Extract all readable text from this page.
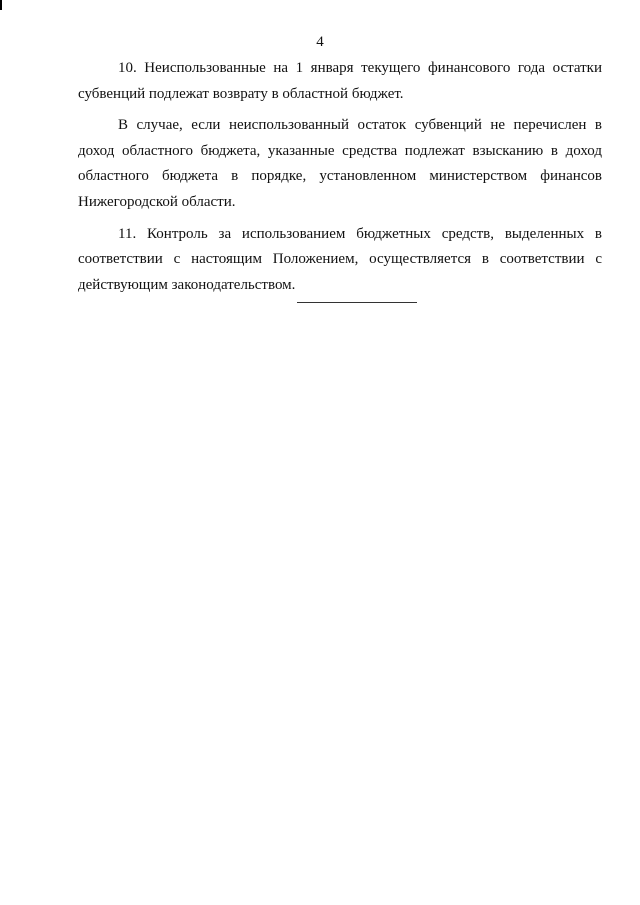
4

10. Неиспользованные на 1 января текущего финансового года остатки субвенций подлежат возврату в областной бюджет.

В случае, если неиспользованный остаток субвенций не перечислен в доход областного бюджета, указанные средства подлежат взысканию в доход областного бюджета в порядке, установленном министерством финансов Нижегородской области.

11. Контроль за использованием бюджетных средств, выделенных в соответствии с настоящим Положением, осуществляется в соответствии с действующим законодательством.
